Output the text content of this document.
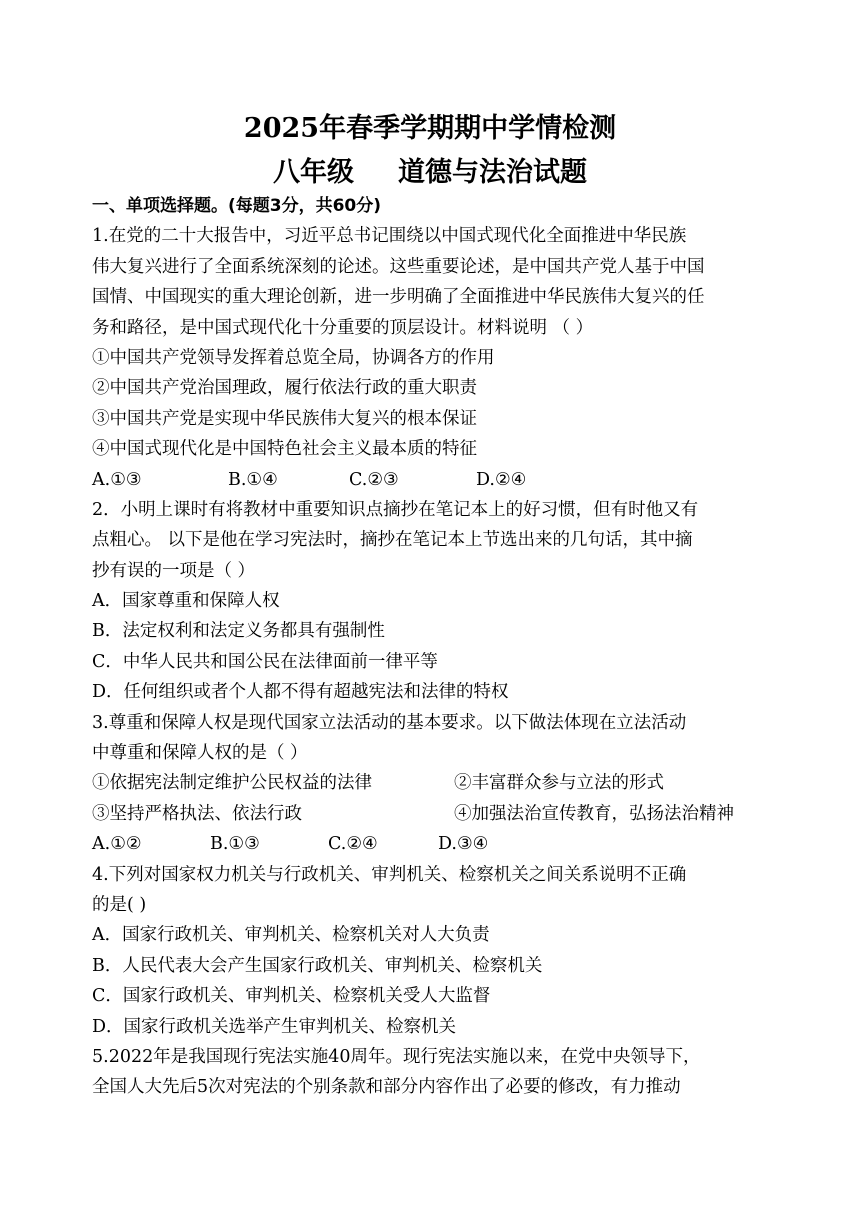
2025年春季学期期中学情检测
八年级 道德与法治试题
一、单项选择题。(每题3分，共60分)
1.在党的二十大报告中，习近平总书记围绕以中国式现代化全面推进中华民族
伟大复兴进行了全面系统深刻的论述。这些重要论述，是中国共产党人基于中国
国情、中国现实的重大理论创新，进一步明确了全面推进中华民族伟大复兴的任
务和路径，是中国式现代化十分重要的顶层设计。材料说明 （ ）
①中国共产党领导发挥着总览全局，协调各方的作用
②中国共产党治国理政，履行依法行政的重大职责
③中国共产党是实现中华民族伟大复兴的根本保证
④中国式现代化是中国特色社会主义最本质的特征
A.①③	B.①④	C.②③	D.②④
2．小明上课时有将教材中重要知识点摘抄在笔记本上的好习惯，但有时他又有
点粗心。 以下是他在学习宪法时，摘抄在笔记本上节选出来的几句话，其中摘
抄有误的一项是（ ）
A．国家尊重和保障人权
B．法定权利和法定义务都具有强制性
C．中华人民共和国公民在法律面前一律平等
D．任何组织或者个人都不得有超越宪法和法律的特权
3.尊重和保障人权是现代国家立法活动的基本要求。以下做法体现在立法活动
中尊重和保障人权的是（ ）
①依据宪法制定维护公民权益的法律	②丰富群众参与立法的形式
③坚持严格执法、依法行政	④加强法治宣传教育，弘扬法治精神
A.①②	B.①③	C.②④	D.③④
4.下列对国家权力机关与行政机关、审判机关、检察机关之间关系说明不正确
的是( )
A．国家行政机关、审判机关、检察机关对人大负责
B．人民代表大会产生国家行政机关、审判机关、检察机关
C．国家行政机关、审判机关、检察机关受人大监督
D．国家行政机关选举产生审判机关、检察机关
5.2022年是我国现行宪法实施40周年。现行宪法实施以来，在党中央领导下，
全国人大先后5次对宪法的个别条款和部分内容作出了必要的修改，有力推动
